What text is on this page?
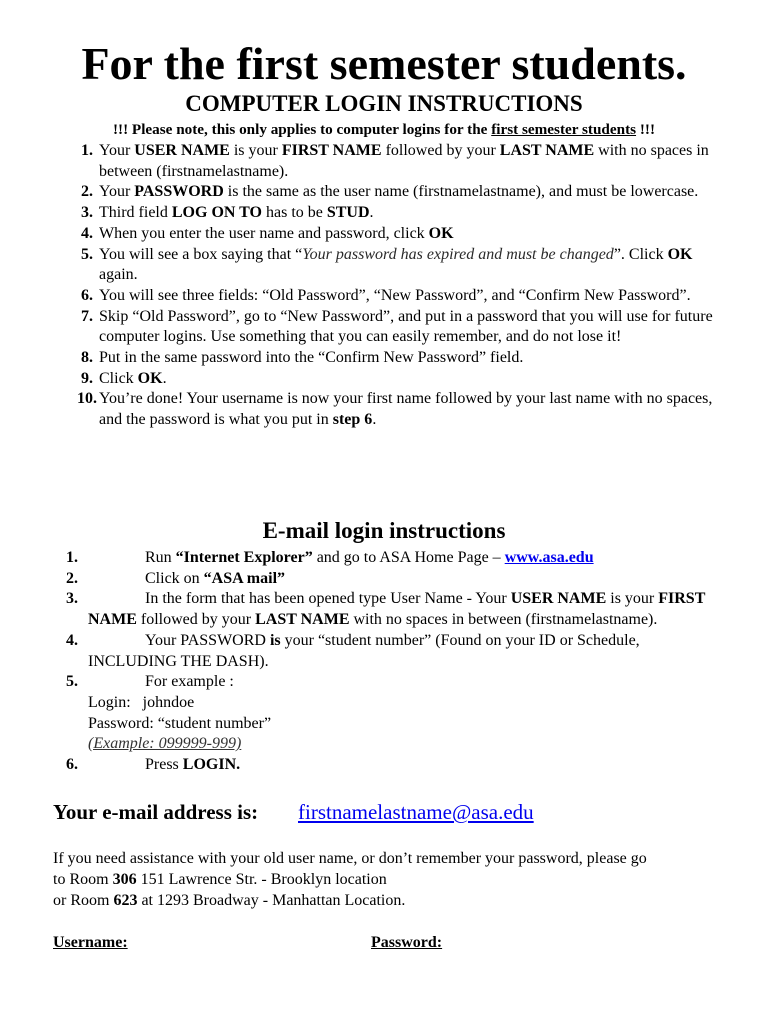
For the first semester students.
COMPUTER LOGIN INSTRUCTIONS
!!! Please note, this only applies to computer logins for the first semester students !!!
1. Your USER NAME is your FIRST NAME followed by your LAST NAME with no spaces in between (firstnamelastname).
2. Your PASSWORD is the same as the user name (firstnamelastname), and must be lowercase.
3. Third field LOG ON TO has to be STUD.
4. When you enter the user name and password, click OK
5. You will see a box saying that “Your password has expired and must be changed”. Click OK again.
6. You will see three fields: “Old Password”, “New Password”, and “Confirm New Password”.
7. Skip “Old Password”, go to “New Password”, and put in a password that you will use for future computer logins. Use something that you can easily remember, and do not lose it!
8. Put in the same password into the “Confirm New Password” field.
9. Click OK.
10. You’re done! Your username is now your first name followed by your last name with no spaces, and the password is what you put in step 6.
E-mail login instructions
1.	Run “Internet Explorer” and go to ASA Home Page – www.asa.edu
2.	Click on “ASA mail”
3.	In the form that has been opened type User Name - Your USER NAME is your FIRST NAME followed by your LAST NAME with no spaces in between (firstnamelastname).
4.	Your PASSWORD is your “student number” (Found on your ID or Schedule, INCLUDING THE DASH).
5.	For example :
Login:   johndoe
Password: “student number”
(Example: 099999-999)
6.	Press LOGIN.
Your e-mail address is: firstnamelastname@asa.edu
If you need assistance with your old user name, or don’t remember your password, please go
to Room 306 151 Lawrence Str. - Brooklyn location
or Room 623 at 1293 Broadway - Manhattan Location.
Username:	Password:
